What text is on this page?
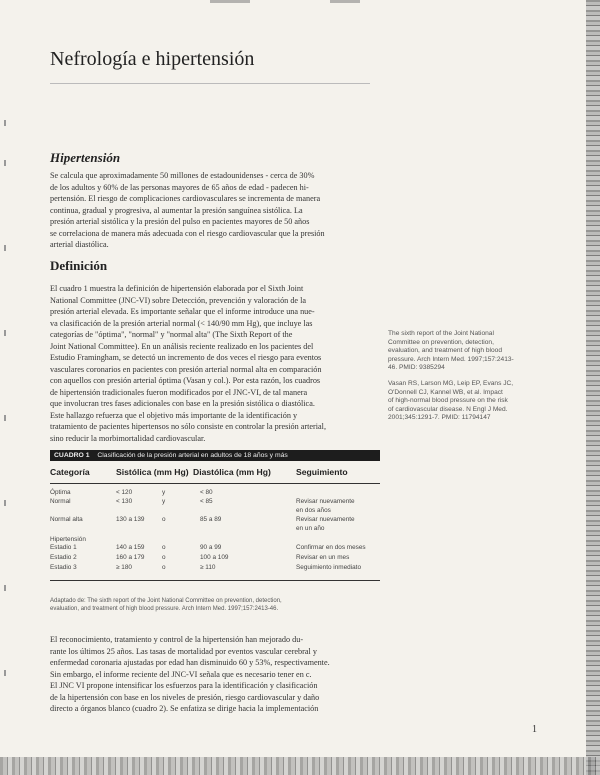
Nefrología e hipertensión
Hipertensión
Se calcula que aproximadamente 50 millones de estadounidenses - cerca de 30%
de los adultos y 60% de las personas mayores de 65 años de edad - padecen hi-
pertensión. El riesgo de complicaciones cardiovasculares se incrementa de manera
continua, gradual y progresiva, al aumentar la presión sanguínea sistólica. La
presión arterial sistólica y la presión del pulso en pacientes mayores de 50 años
se correlaciona de manera más adecuada con el riesgo cardiovascular que la presión
arterial diastólica.
Definición
El cuadro 1 muestra la definición de hipertensión elaborada por el Sixth Joint
National Committee (JNC-VI) sobre Detección, prevención y valoración de la
presión arterial elevada. Es importante señalar que el informe introduce una nue-
va clasificación de la presión arterial normal (< 140/90 mm Hg), que incluye las
categorías de "óptima", "normal" y "normal alta" (The Sixth Report of the
Joint National Committee). En un análisis reciente realizado en los pacientes del
Estudio Framingham, se detectó un incremento de dos veces el riesgo para eventos
vasculares coronarios en pacientes con presión arterial normal alta en comparación
con aquellos con presión arterial óptima (Vasan y col.). Por esta razón, los cuadros
de hipertensión tradicionales fueron modificados por el JNC-VI, de tal manera
que involucran tres fases adicionales con base en la presión sistólica o diastólica.
Este hallazgo refuerza que el objetivo más importante de la identificación y
tratamiento de pacientes hipertensos no sólo consiste en controlar la presión arterial,
sino reducir la morbimortalidad cardiovascular.
The sixth report of the Joint National
Committee on prevention, detection,
evaluation, and treatment of high blood
pressure. Arch Intern Med. 1997;157:2413-
46. PMID: 9385294
Vasan RS, Larson MG, Leip EP, Evans JC,
O'Donnell CJ, Kannel WB, et al. Impact
of high-normal blood pressure on the risk
of cardiovascular disease. N Engl J Med.
2001;345:1291-7. PMID: 11794147
CUADRO 1 Clasificación de la presión arterial en adultos de 18 años y más
Categoría	Sistólica (mm Hg) Diastólica (mm Hg)	Seguimiento
Óptima	< 120	y	< 80
Normal	< 130	y	< 85	Revisar nuevamente
en dos años
Normal alta	130 a 139	o	85 a 89	Revisar nuevamente
en un año
Hipertensión
Estadio 1	140 a 159	o	90 a 99	Confirmar en dos meses
Estadio 2	160 a 179	o	100 a 109	Revisar en un mes
Estadio 3	≥ 180	o	≥ 110	Seguimiento inmediato
Adaptado de: The sixth report of the Joint National Committee on prevention, detection,
evaluation, and treatment of high blood pressure. Arch Intern Med. 1997;157:2413-46.
El reconocimiento, tratamiento y control de la hipertensión han mejorado du-
rante los últimos 25 años. Las tasas de mortalidad por eventos vascular cerebral y
enfermedad coronaria ajustadas por edad han disminuido 60 y 53%, respectivamente.
Sin embargo, el informe reciente del JNC-VI señala que es necesario tener en c.
El JNC VI propone intensificar los esfuerzos para la identificación y clasificación
de la hipertensión con base en los niveles de presión, riesgo cardiovascular y daño
directo a órganos blanco (cuadro 2). Se enfatiza se dirige hacia la implementación
1
